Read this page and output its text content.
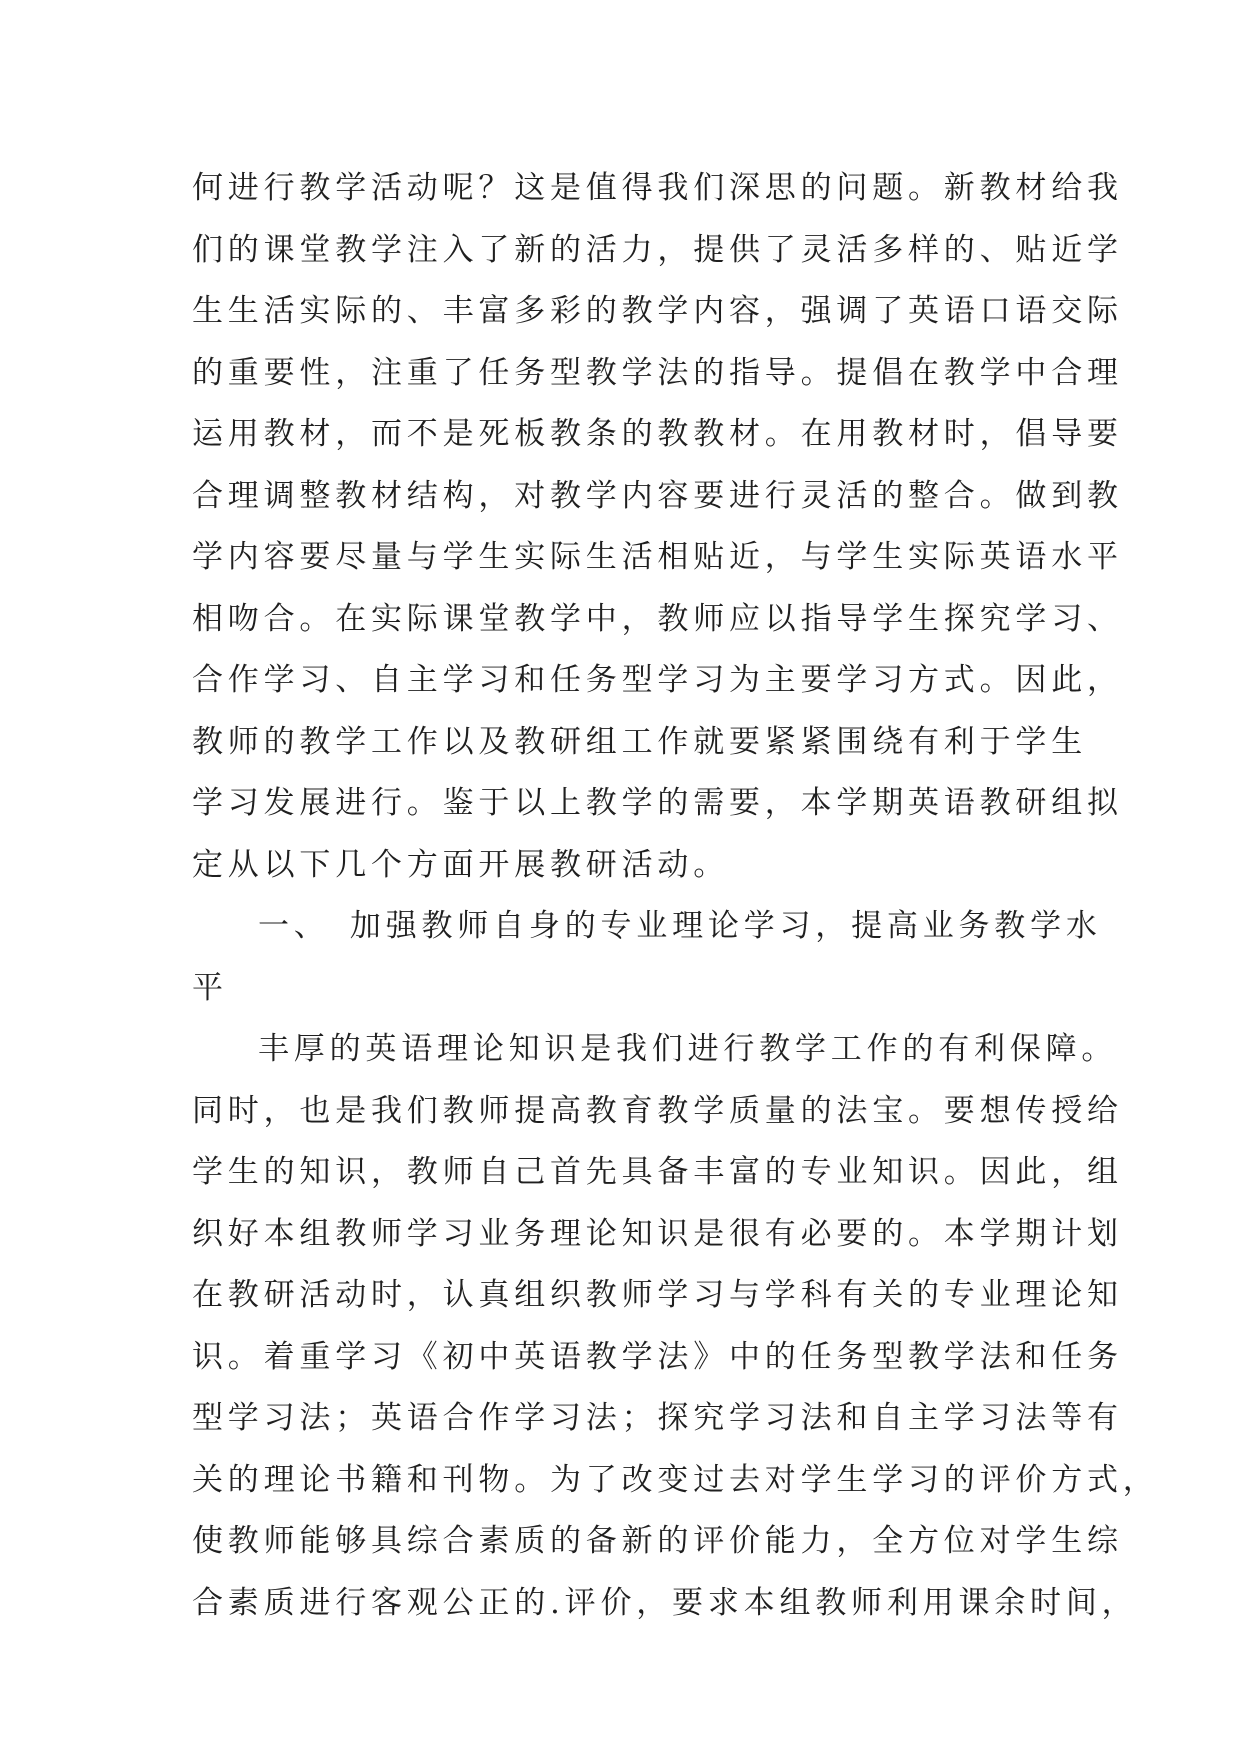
何进行教学活动呢？这是值得我们深思的问题。新教材给我
们的课堂教学注入了新的活力，提供了灵活多样的、贴近学
生生活实际的、丰富多彩的教学内容，强调了英语口语交际
的重要性，注重了任务型教学法的指导。提倡在教学中合理
运用教材，而不是死板教条的教教材。在用教材时，倡导要
合理调整教材结构，对教学内容要进行灵活的整合。做到教
学内容要尽量与学生实际生活相贴近，与学生实际英语水平
相吻合。在实际课堂教学中，教师应以指导学生探究学习、
合作学习、自主学习和任务型学习为主要学习方式。因此，
教师的教学工作以及教研组工作就要紧紧围绕有利于学生
学习发展进行。鉴于以上教学的需要，本学期英语教研组拟
定从以下几个方面开展教研活动。
一、　加强教师自身的专业理论学习，提高业务教学水
平
丰厚的英语理论知识是我们进行教学工作的有利保障。
同时，也是我们教师提高教育教学质量的法宝。要想传授给
学生的知识，教师自己首先具备丰富的专业知识。因此，组
织好本组教师学习业务理论知识是很有必要的。本学期计划
在教研活动时，认真组织教师学习与学科有关的专业理论知
识。着重学习《初中英语教学法》中的任务型教学法和任务
型学习法；英语合作学习法；探究学习法和自主学习法等有
关的理论书籍和刊物。为了改变过去对学生学习的评价方式，
使教师能够具综合素质的备新的评价能力，全方位对学生综
合素质进行客观公正的.评价，要求本组教师利用课余时间，
